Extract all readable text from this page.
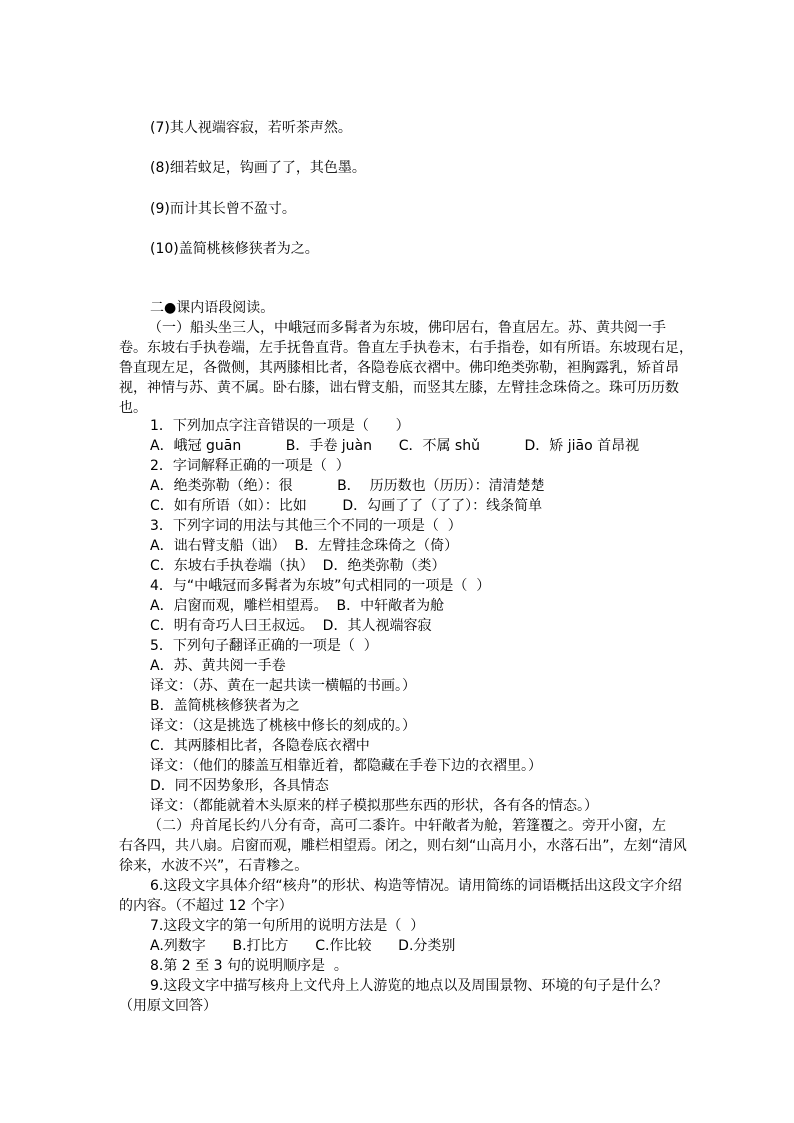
(7)其人视端容寂，若听茶声然。
(8)细若蚊足，钩画了了，其色墨。
(9)而计其长曾不盈寸。
(10)盖简桃核修狭者为之。
二●课内语段阅读。
（一）船头坐三人，中峨冠而多髯者为东坡，佛印居右，鲁直居左。苏、黄共阅一手
卷。东坡右手执卷端，左手抚鲁直背。鲁直左手执卷末，右手指卷，如有所语。东坡现右足，
鲁直现左足，各微侧，其两膝相比者，各隐卷底衣褶中。佛印绝类弥勒，袒胸露乳，矫首昂
视，神情与苏、黄不属。卧右膝，诎右臂支船，而竖其左膝，左臂挂念珠倚之。珠可历历数
也。
1．下列加点字注音错误的一项是（      ）
A．峨冠 guān          B．手卷 juàn      C．不属 shǔ          D．矫 jiāo 首昂视
2．字词解释正确的一项是（  ）
A．绝类弥勒（绝）：很          B．  历历数也（历历）：清清楚楚
C．如有所语（如）：比如        D．勾画了了（了了）：线条简单
3．下列字词的用法与其他三个不同的一项是（  ）
A．诎右臂支船（诎）  B．左臂挂念珠倚之（倚）
C．东坡右手执卷端（执）  D．绝类弥勒（类）
4．与“中峨冠而多髯者为东坡”句式相同的一项是（  ）
A．启窗而观，雕栏相望焉。  B．中轩敞者为舱
C．明有奇巧人曰王叔远。  D．其人视端容寂
5．下列句子翻译正确的一项是（  ）
A．苏、黄共阅一手卷
译文：（苏、黄在一起共读一横幅的书画。）
B．盖简桃核修狭者为之
译文：（这是挑选了桃核中修长的刻成的。）
C．其两膝相比者，各隐卷底衣褶中
译文：（他们的膝盖互相靠近着，都隐藏在手卷下边的衣褶里。）
D．同不因势象形，各具情态
译文：（都能就着木头原来的样子模拟那些东西的形状，各有各的情态。）
（二）舟首尾长约八分有奇，高可二黍许。中轩敞者为舱，箬篷覆之。旁开小窗，左
右各四，共八扇。启窗而观，雕栏相望焉。闭之，则右刻“山高月小，水落石出”，左刻“清风
徐来，水波不兴”，石青糁之。
6.这段文字具体介绍“核舟”的形状、构造等情况。请用简练的词语概括出这段文字介绍
的内容。（不超过 12 个字）
7.这段文字的第一句所用的说明方法是（  ）
A.列数字      B.打比方      C.作比较      D.分类别
8.第 2 至 3 句的说明顺序是  。
9.这段文字中描写核舟上文代舟上人游览的地点以及周围景物、环境的句子是什么？
（用原文回答）
